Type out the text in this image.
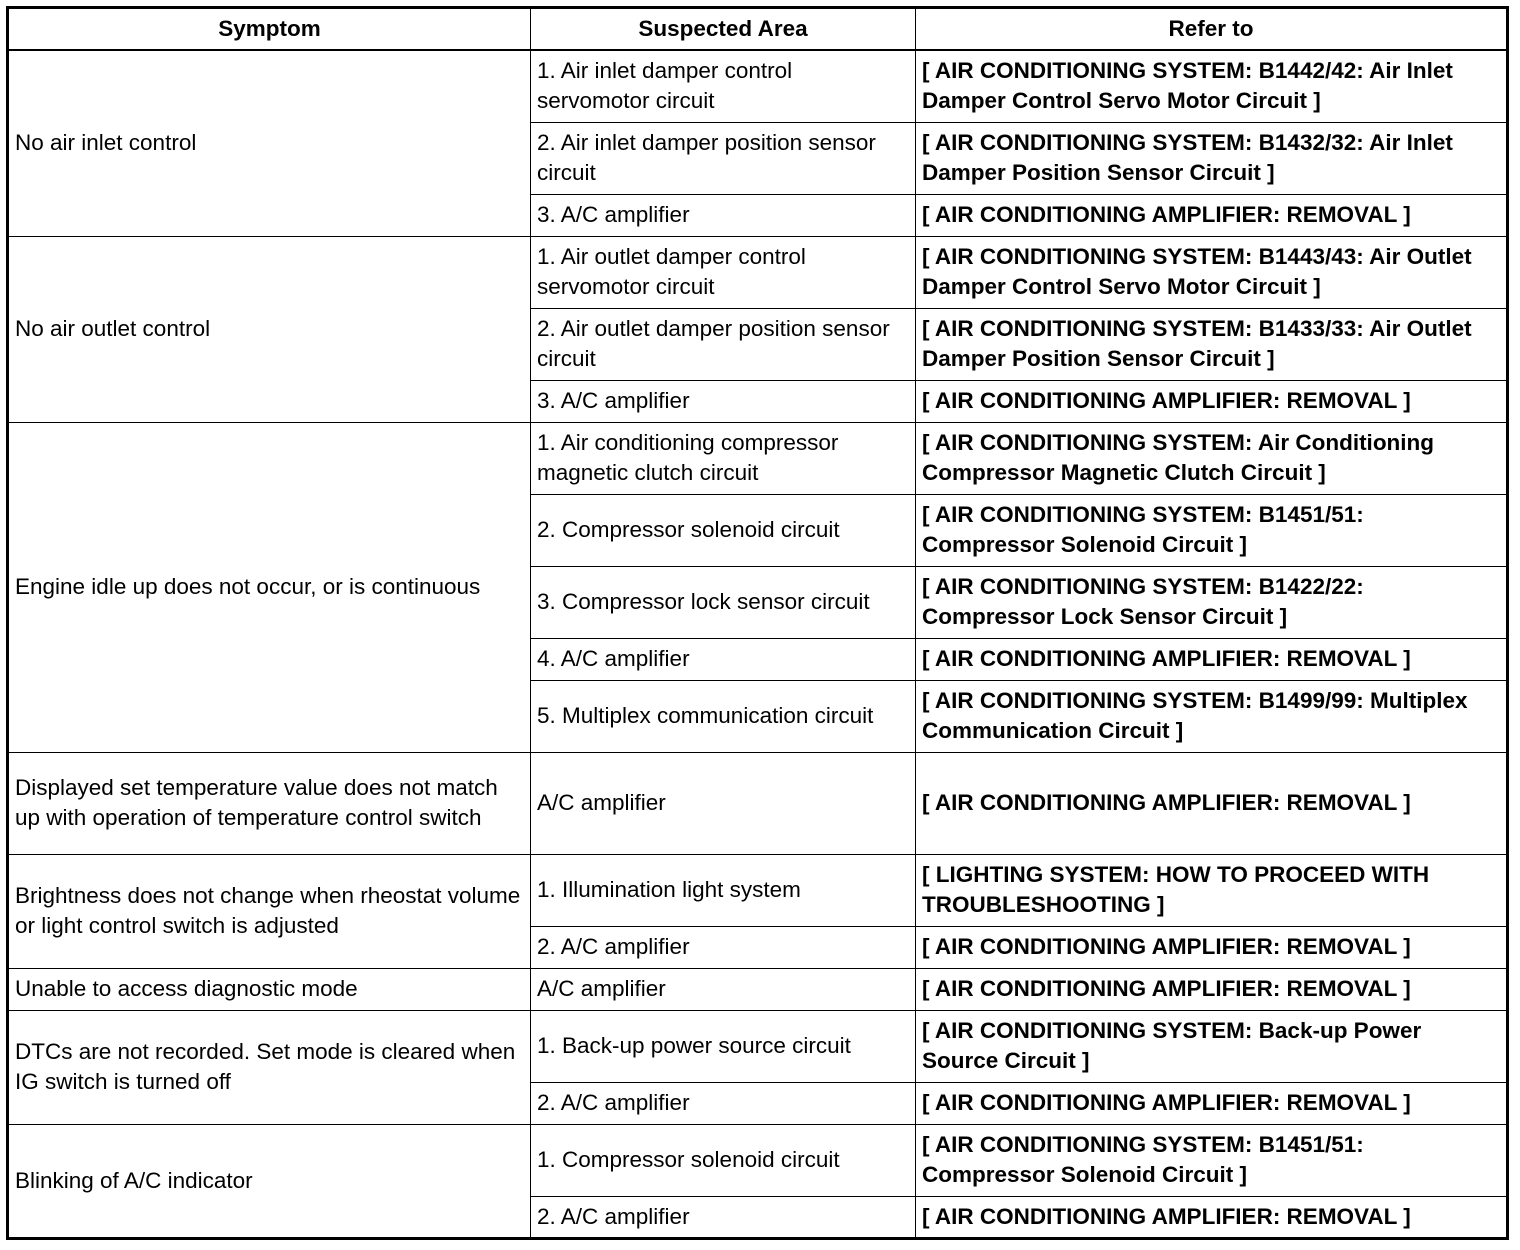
Symptom	Suspected Area	Refer to
No air inlet control	1. Air inlet damper control servomotor circuit	[ AIR CONDITIONING SYSTEM: B1442/42: Air Inlet Damper Control Servo Motor Circuit ]
	2. Air inlet damper position sensor circuit	[ AIR CONDITIONING SYSTEM: B1432/32: Air Inlet Damper Position Sensor Circuit ]
	3. A/C amplifier	[ AIR CONDITIONING AMPLIFIER: REMOVAL ]
No air outlet control	1. Air outlet damper control servomotor circuit	[ AIR CONDITIONING SYSTEM: B1443/43: Air Outlet Damper Control Servo Motor Circuit ]
	2. Air outlet damper position sensor circuit	[ AIR CONDITIONING SYSTEM: B1433/33: Air Outlet Damper Position Sensor Circuit ]
	3. A/C amplifier	[ AIR CONDITIONING AMPLIFIER: REMOVAL ]
Engine idle up does not occur, or is continuous	1. Air conditioning compressor magnetic clutch circuit	[ AIR CONDITIONING SYSTEM: Air Conditioning Compressor Magnetic Clutch Circuit ]
	2. Compressor solenoid circuit	[ AIR CONDITIONING SYSTEM: B1451/51: Compressor Solenoid Circuit ]
	3. Compressor lock sensor circuit	[ AIR CONDITIONING SYSTEM: B1422/22: Compressor Lock Sensor Circuit ]
	4. A/C amplifier	[ AIR CONDITIONING AMPLIFIER: REMOVAL ]
	5. Multiplex communication circuit	[ AIR CONDITIONING SYSTEM: B1499/99: Multiplex Communication Circuit ]
Displayed set temperature value does not match up with operation of temperature control switch	A/C amplifier	[ AIR CONDITIONING AMPLIFIER: REMOVAL ]
Brightness does not change when rheostat volume or light control switch is adjusted	1. Illumination light system	[ LIGHTING SYSTEM: HOW TO PROCEED WITH TROUBLESHOOTING ]
	2. A/C amplifier	[ AIR CONDITIONING AMPLIFIER: REMOVAL ]
Unable to access diagnostic mode	A/C amplifier	[ AIR CONDITIONING AMPLIFIER: REMOVAL ]
DTCs are not recorded. Set mode is cleared when IG switch is turned off	1. Back-up power source circuit	[ AIR CONDITIONING SYSTEM: Back-up Power Source Circuit ]
	2. A/C amplifier	[ AIR CONDITIONING AMPLIFIER: REMOVAL ]
Blinking of A/C indicator	1. Compressor solenoid circuit	[ AIR CONDITIONING SYSTEM: B1451/51: Compressor Solenoid Circuit ]
	2. A/C amplifier	[ AIR CONDITIONING AMPLIFIER: REMOVAL ]
